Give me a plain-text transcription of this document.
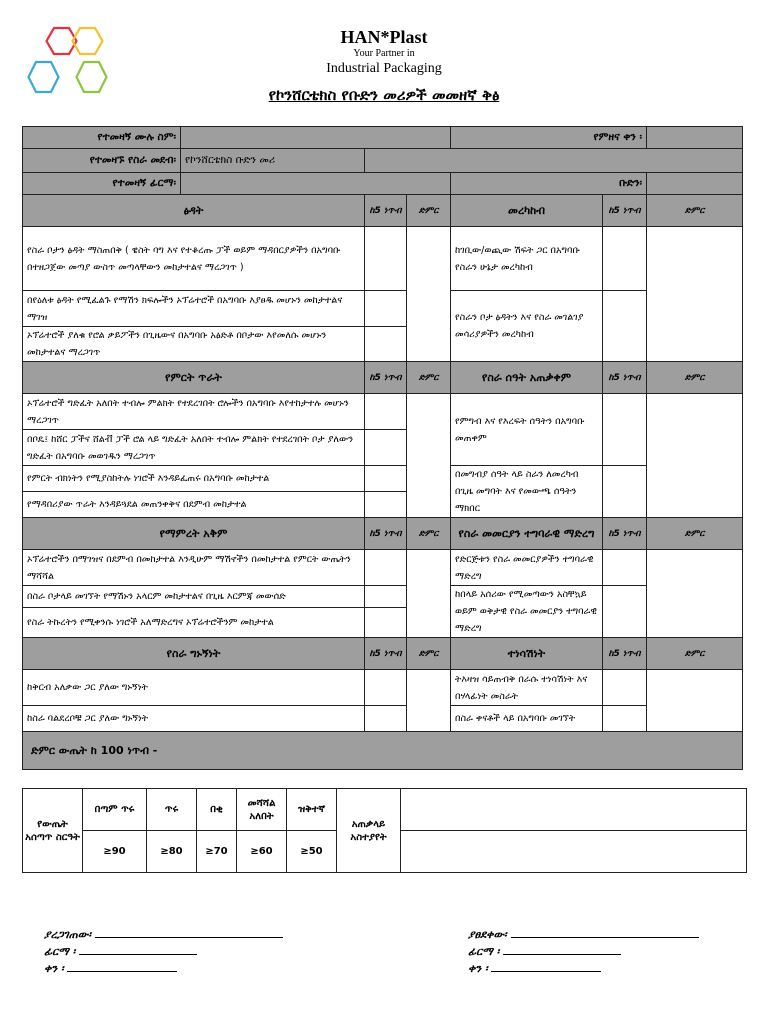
HAN*Plast
Your Partner in
Industrial Packaging
የኮንሸርቴክስ የቡድን መሪዎች መመዘኛ ቅፅ
የተመዛኝ ሙሉ ስም፡				የምዘና ቀን ፡		
የተመዛኙ የስራ መደብ፡	የኮንሸርቴክስ ቡድን መሪ					
የተመዛኝ ፊርማ፡				ቡድን፡		
ፅዳት		ከ5 ነጥብ	ድምር	መረካከብ	ከ5 ነጥብ	ድምር
የስራ ቦታን ፅዳት ማስጠበቅ ( ዌስት ባግ እና የተቆረጡ ፓች ወይም ማዳበርያዎችን በአግባቡ በተዘጋጀው መጣያ ውስጥ መጣላቸውን መከታተልና ማረጋገጥ )				ከገቢው/ወጪው ሽፍት ጋር በአግባቡ የስራን ሁኔታ መረካከብ		
በየዕለቱ ፅዳት የሚፈልጉ የማሽን ክፍሎችን ኦፕሬተሮች በአግባቡ እያፀዱ መሆኑን መከታተልና ማገዝ				የስራን ቦታ ፅዳትን እና የስራ መገልገያ መሳሪያዎችን መረካከብ		
ኦፕሬተሮች ያለቁ የሮል ቃይፖችን በጊዜውና በአግባቡ አፅድቶ በቦታው እየመለሱ መሆኑን መከታተልና ማረጋገጥ						
የምርት ጥራት		ከ5 ነጥብ	ድምር	የስራ ሰዓት አጠቃቀም	ከ5 ነጥብ	ድምር
ኦፕሬተሮች ግድፈት አለበት ተብሎ ምልክት የተደረገበት ሮሎችን በአግባቡ እየተከታተሉ መሆኑን ማረጋገጥ				የምግብ እና የእረፍት ሰዓትን በአግባቡ መጠቀም		
በቦዴ፤ ከሸር ፓችና ሸልቭ ፓች ሮል ላይ ግድፈት አለበት ተብሎ ምልክት የተደረገበት ቦታ ያለውን ግድፈት በአግባቡ መወገዱን ማረጋገጥ						
የምርት ብክነትን የሚያስከትሉ ነገሮች እንዳይፈጠሩ በአግባቡ መከታተል				በመግብያ ሰዓት ላይ ስራን ለመረካብ በጊዜ መግባት እና የመውጫ ሰዓትን ማክበር		
የማዳበሪያው ጥራት እንዳይጓደል መጠንቀቅና በደምብ መከታተል						
የማምረት አቅም		ከ5 ነጥብ	ድምር	የስራ መመርያን ተግባራዊ ማድረግ	ከ5 ነጥብ	ድምር
ኦፕሬተሮችን በማገዝና በደምብ በመከታተል እንዲሁም ማሽኖችን በመከታተል የምርት ውጤትን ማሻሻል				የድርጅቱን የስራ መመርያዎችን ተግባራዊ ማድረግ		
በስራ ቦታላይ መገኘት የማሽኑን አላርም መከታተልና በጊዜ እርምጃ መውሰድ				ከበላይ አሰሪው የሚመጣውን አስቸኳይ ወይም ወቅታዊ የስራ መመርያን ተግባራዊ ማድረግ		
የስራ ትኩረትን የሚቀንሱ ነገሮች አለማድረግና ኦፕሬተሮችንም መከታተል						
የስራ ግኑኝነት		ከ5 ነጥብ	ድምር	ተነሳሽነት	ከ5 ነጥብ	ድምር
ከቅርብ አለቃው ጋር ያለው ግኑኝነት				ትእዛዝ ሳይጠብቅ በራሱ ተነሳሽነት እና በሃላፊነት መስራት		
ከስራ ባልደረቦቹ ጋር ያለው ግኑኝነት				በስራ ቀናቶች ላይ በአግባቡ መገኘት		
ድምር ውጤት ከ 100 ነጥብ -						
የውጤት አሰጣጥ ስርዓት	በጣም ጥሩ	ጥሩ	በቂ	መሻሻል አለበት	ዝቅተኛ	አጠቃላይ አስተያየት	
	≥90	≥80	≥70	≥60	≥50		
ያረጋገጠው፡
ፊርማ ፡
ቀን ፡
ያፀደቀው፡
ፊርማ ፡
ቀን ፡
